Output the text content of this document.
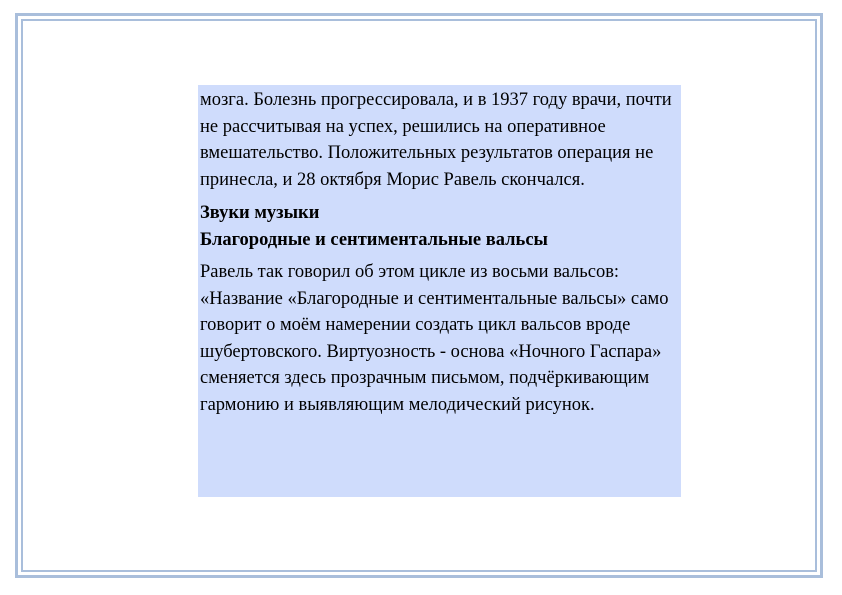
мозга. Болезнь прогрессировала, и в 1937 году врачи, почти не рассчитывая на успех, решились на оперативное вмешательство. Положительных результатов операция не принесла, и 28 октября Морис Равель скончался.

Звуки музыки

Благородные и сентиментальные вальсы

Равель так говорил об этом цикле из восьми вальсов: «Название «Благородные и сентиментальные вальсы» само говорит о моём намерении создать цикл вальсов вроде шубертовского. Виртуозность - основа «Ночного Гаспара» сменяется здесь прозрачным письмом, подчёркивающим гармонию и выявляющим мелодический рисунок.
